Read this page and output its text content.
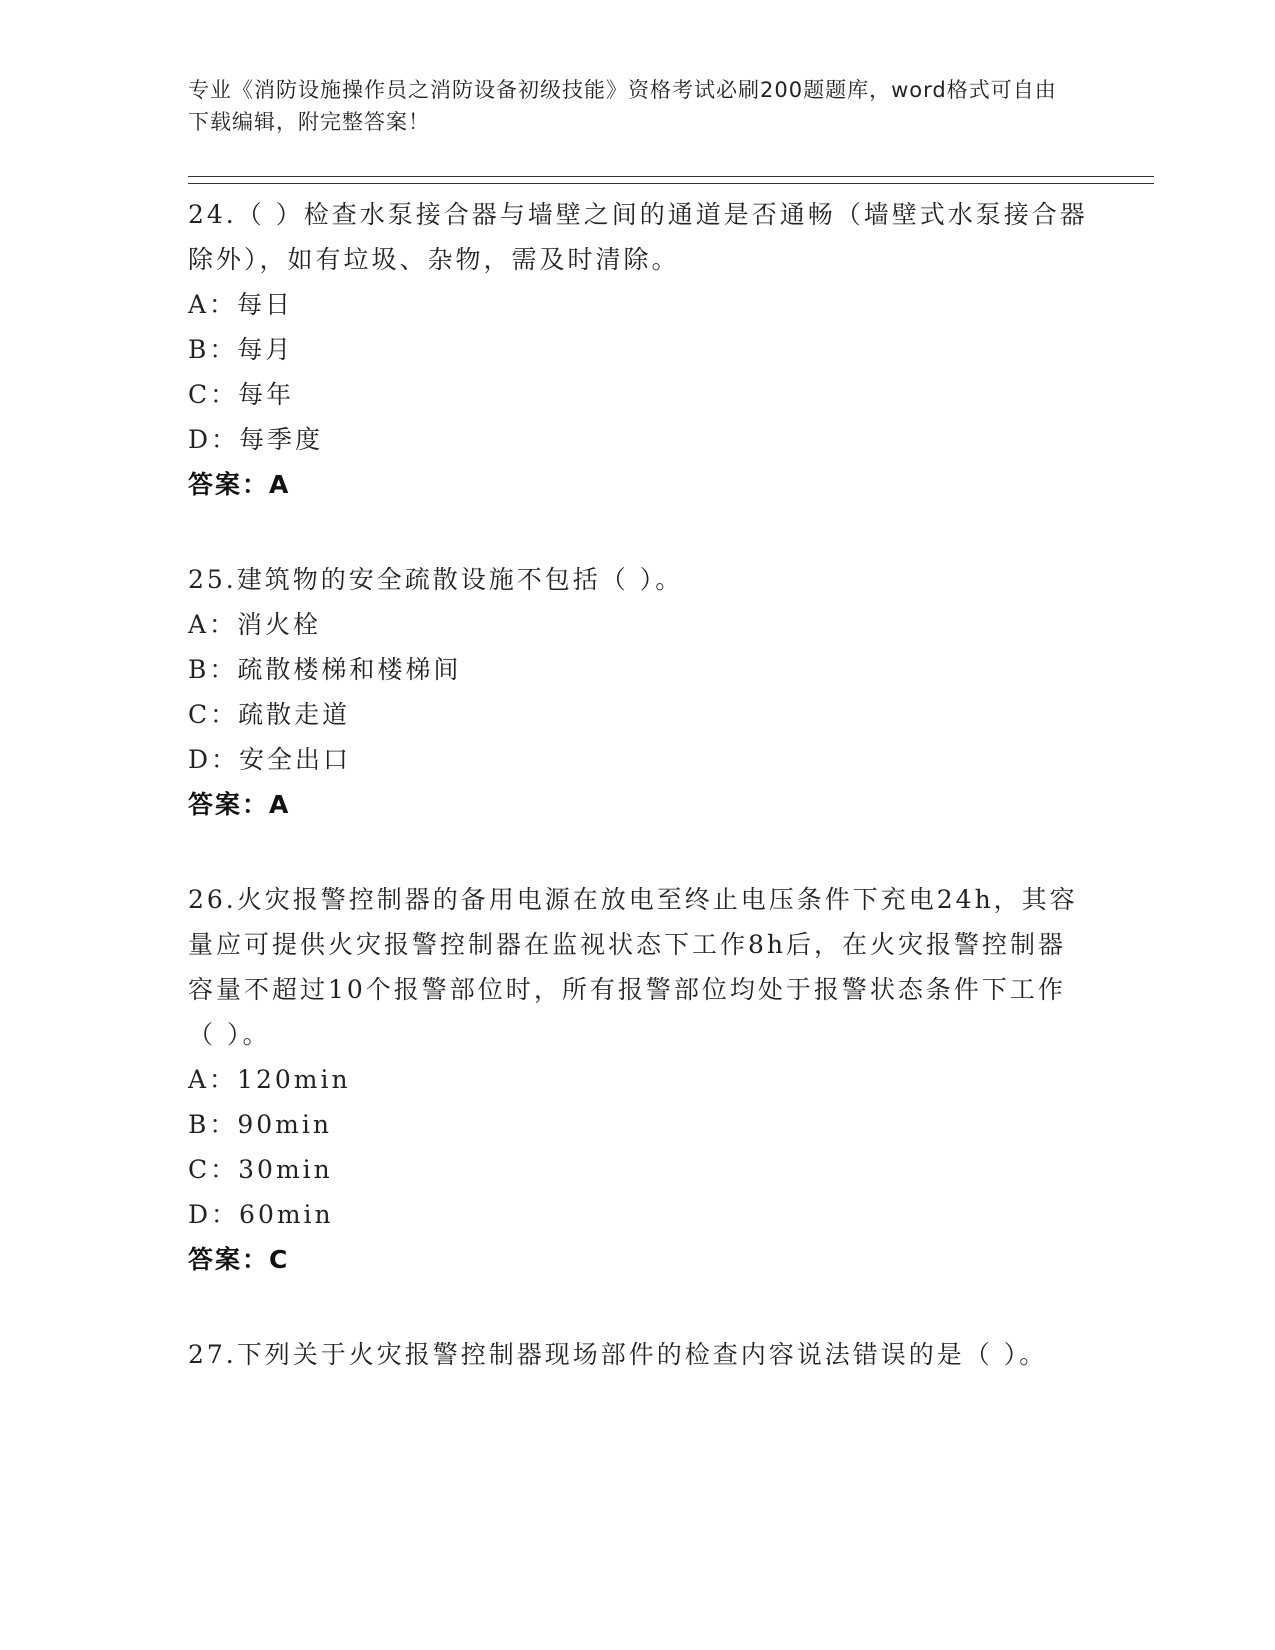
专业《消防设施操作员之消防设备初级技能》资格考试必刷200题题库，word格式可自由下载编辑，附完整答案！

24.（ ）检查水泵接合器与墙壁之间的通道是否通畅（墙壁式水泵接合器除外），如有垃圾、杂物，需及时清除。

A：每日

B：每月

C：每年

D：每季度

答案：A

25.建筑物的安全疏散设施不包括（ ）。

A：消火栓

B：疏散楼梯和楼梯间

C：疏散走道

D：安全出口

答案：A

26.火灾报警控制器的备用电源在放电至终止电压条件下充电24h，其容量应可提供火灾报警控制器在监视状态下工作8h后，在火灾报警控制器容量不超过10个报警部位时，所有报警部位均处于报警状态条件下工作（ ）。

A：120min

B：90min

C：30min

D：60min

答案：C

27.下列关于火灾报警控制器现场部件的检查内容说法错误的是（ ）。
